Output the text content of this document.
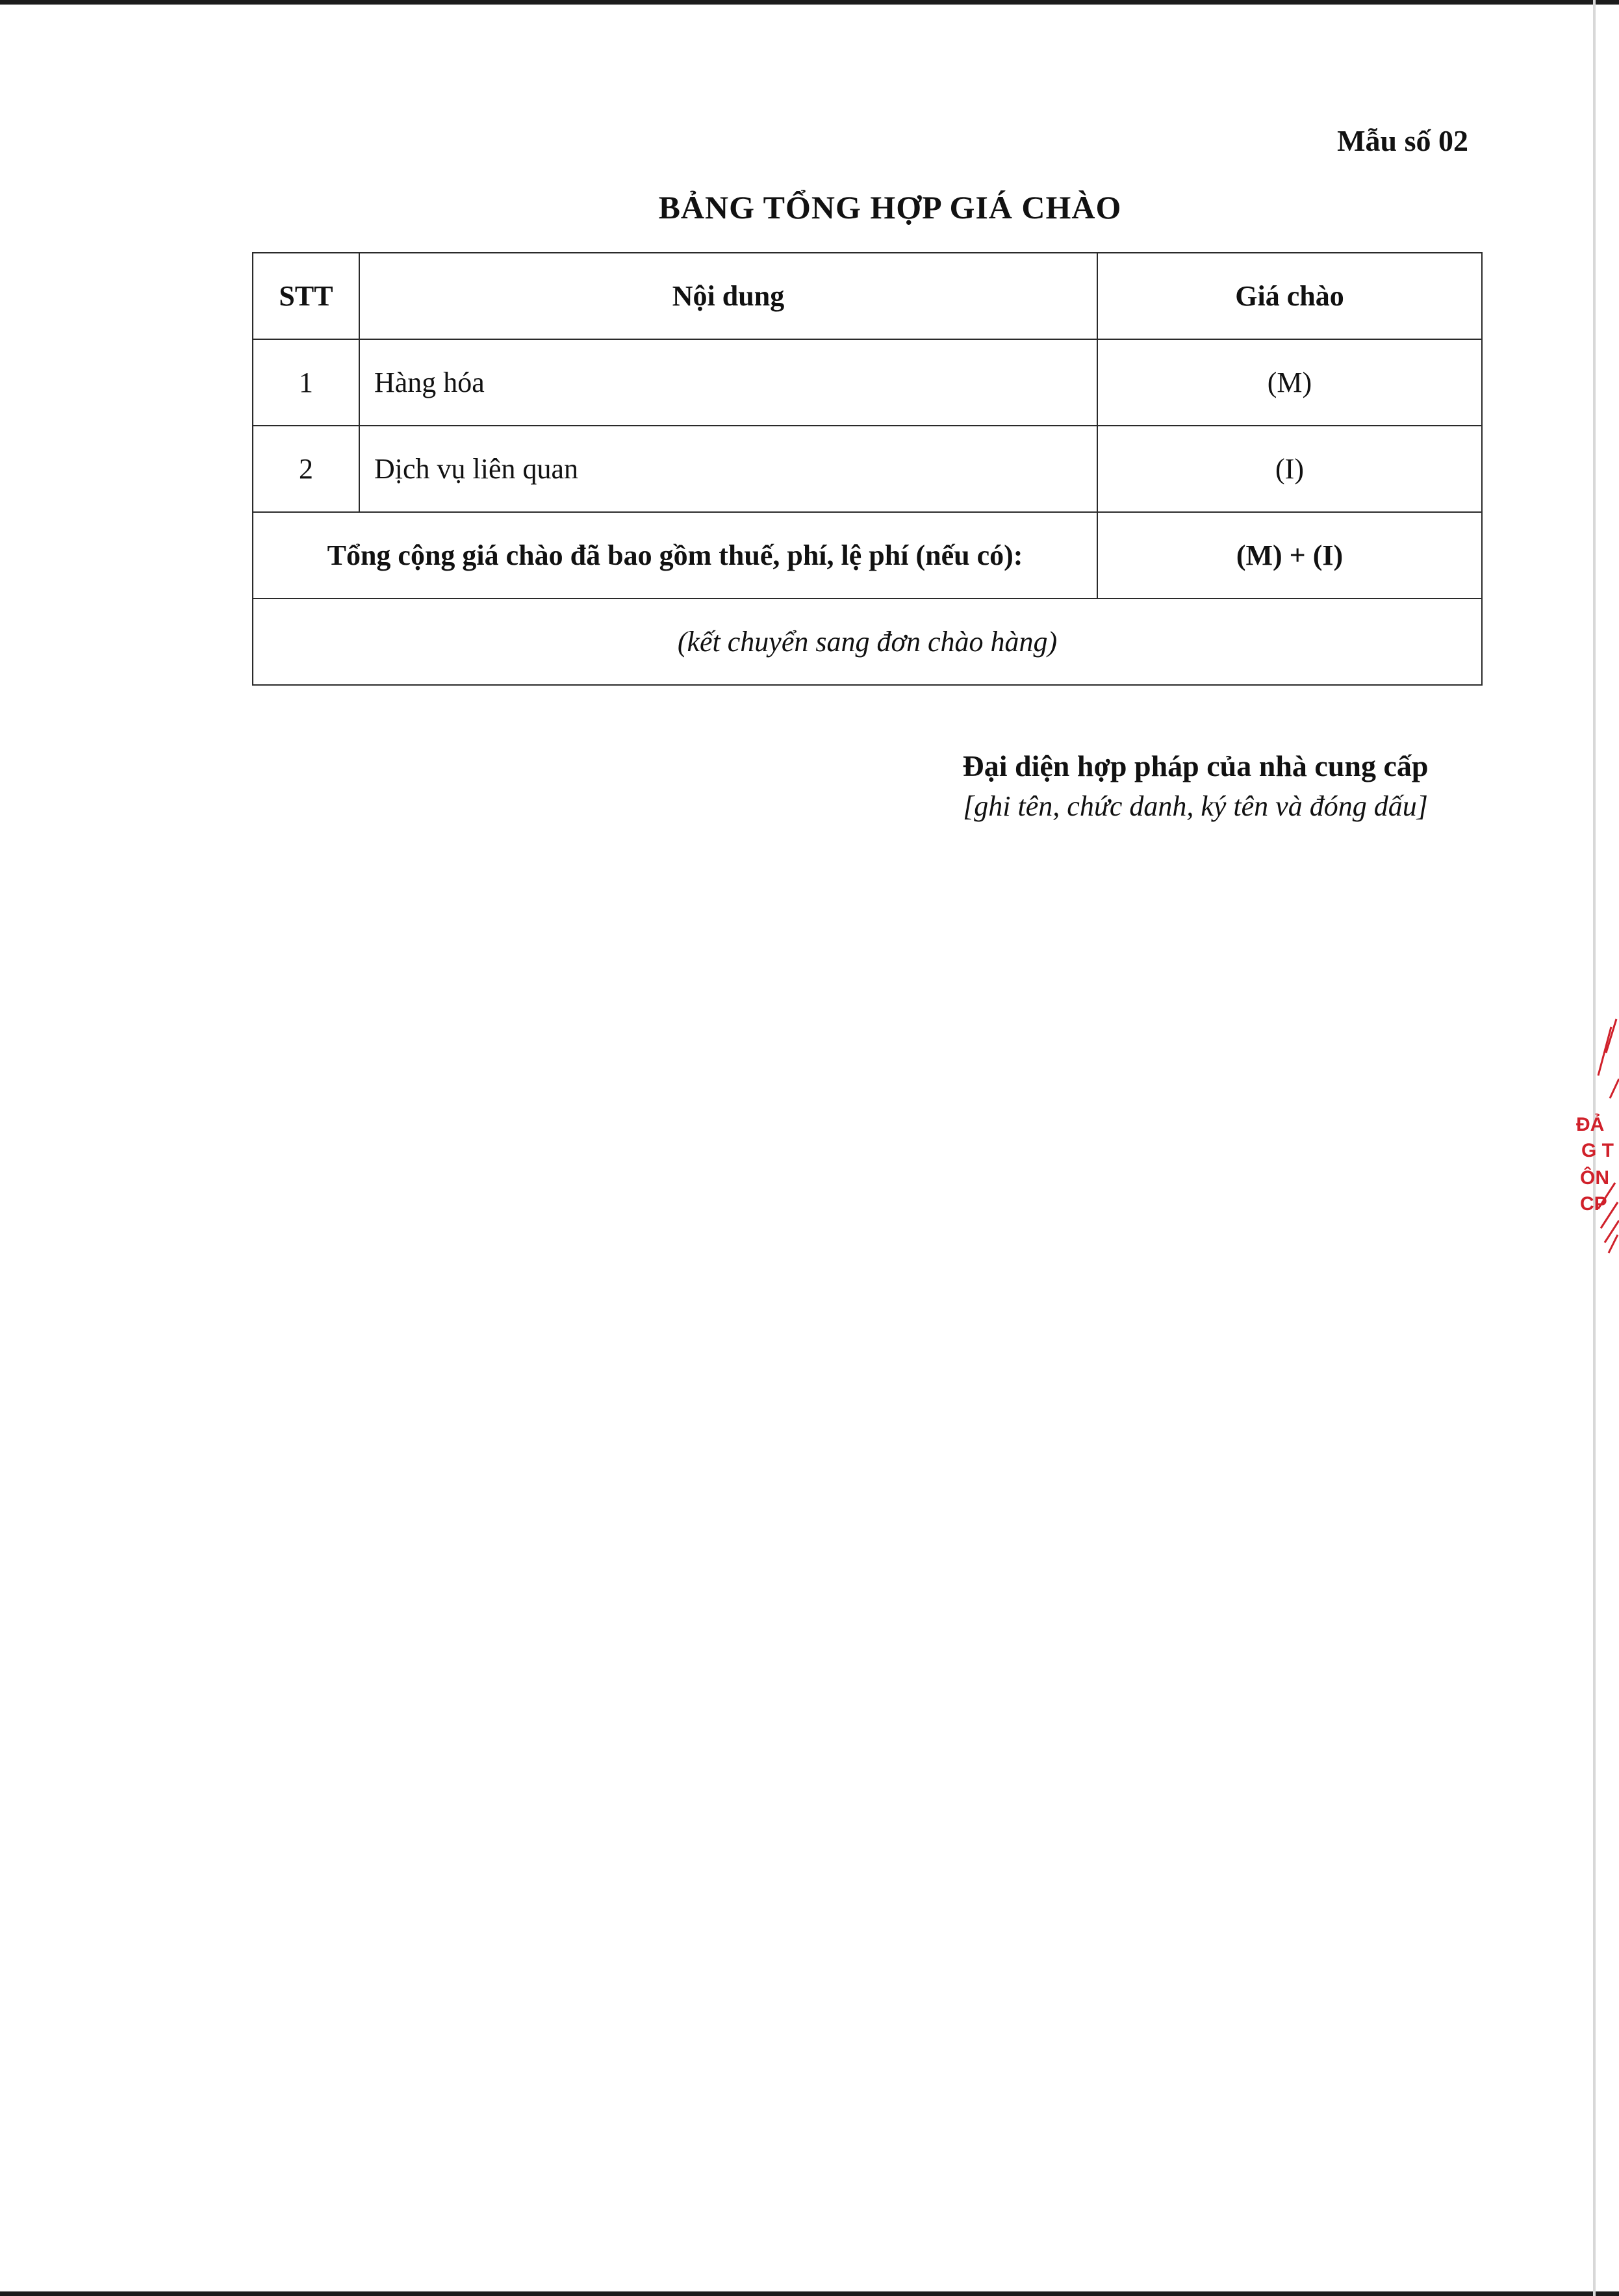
Mẫu số 02
BẢNG TỔNG HỢP GIÁ CHÀO
STT	Nội dung	Giá chào
1	Hàng hóa	(M)
2	Dịch vụ liên quan	(I)
Tổng cộng giá chào đã bao gồm thuế, phí, lệ phí (nếu có):		(M) + (I)
(kết chuyển sang đơn chào hàng)		
Đại diện hợp pháp của nhà cung cấp
[ghi tên, chức danh, ký tên và đóng dấu]
ĐẢ
G T
ÔN
CP
